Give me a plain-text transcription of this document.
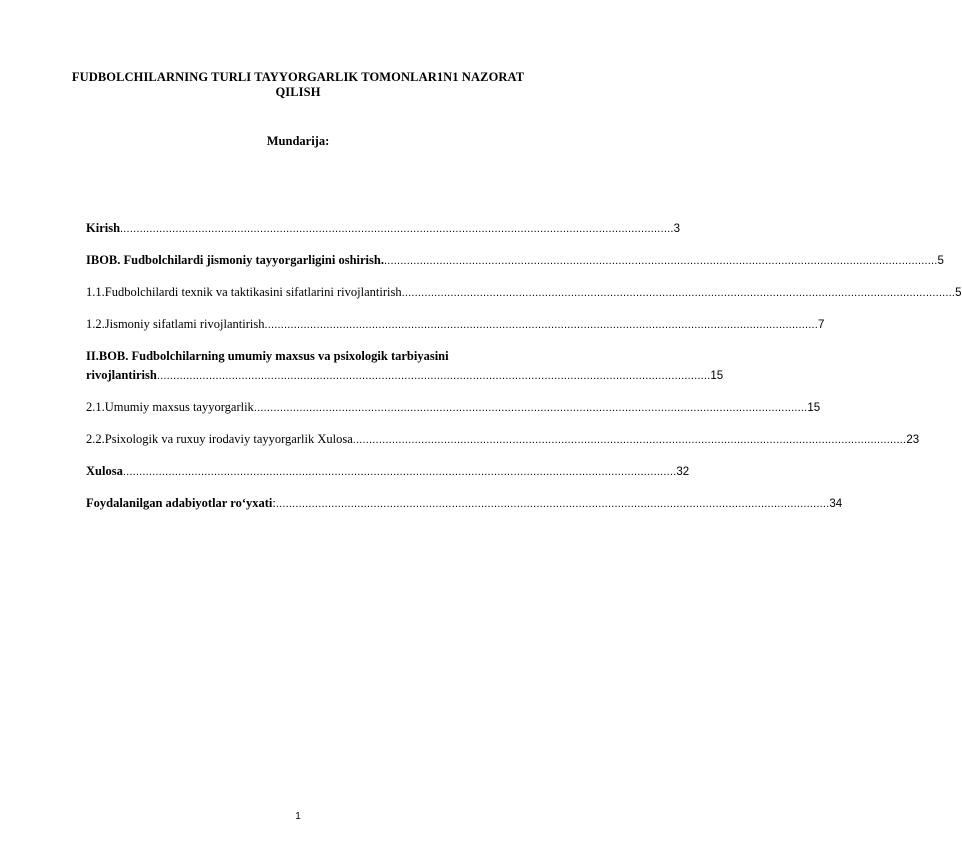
FUDBOLCHILARNING TURLI TAYYORGARLIK TOMONLAR1N1 NAZORAT QILISH
Mundarija:
Kirish .......................................................................................................................................................................... 3
IBOB. Fudbolchilardi jismoniy tayyorgarligini oshirish. .......................................................................................................................................................................... 5
1.1.Fudbolchilardi texnik va taktikasini sifatlarini rivojlantirish .......................................................................................................................................................................... 5
1.2.Jismoniy sifatlami rivojlantirish .......................................................................................................................................................................... 7
II.BOB. Fudbolchilarning umumiy maxsus va psixologik tarbiyasini
rivojlantirish .......................................................................................................................................................................... 15
2.1.Umumiy maxsus tayyorgarlik .......................................................................................................................................................................... 15
2.2.Psixologik va ruxuy irodaviy tayyorgarlik Xulosa .......................................................................................................................................................................... 23
Xulosa .......................................................................................................................................................................... 32
Foydalanilgan adabiyotlar ro‘yxati : .......................................................................................................................................................................... 34
1
